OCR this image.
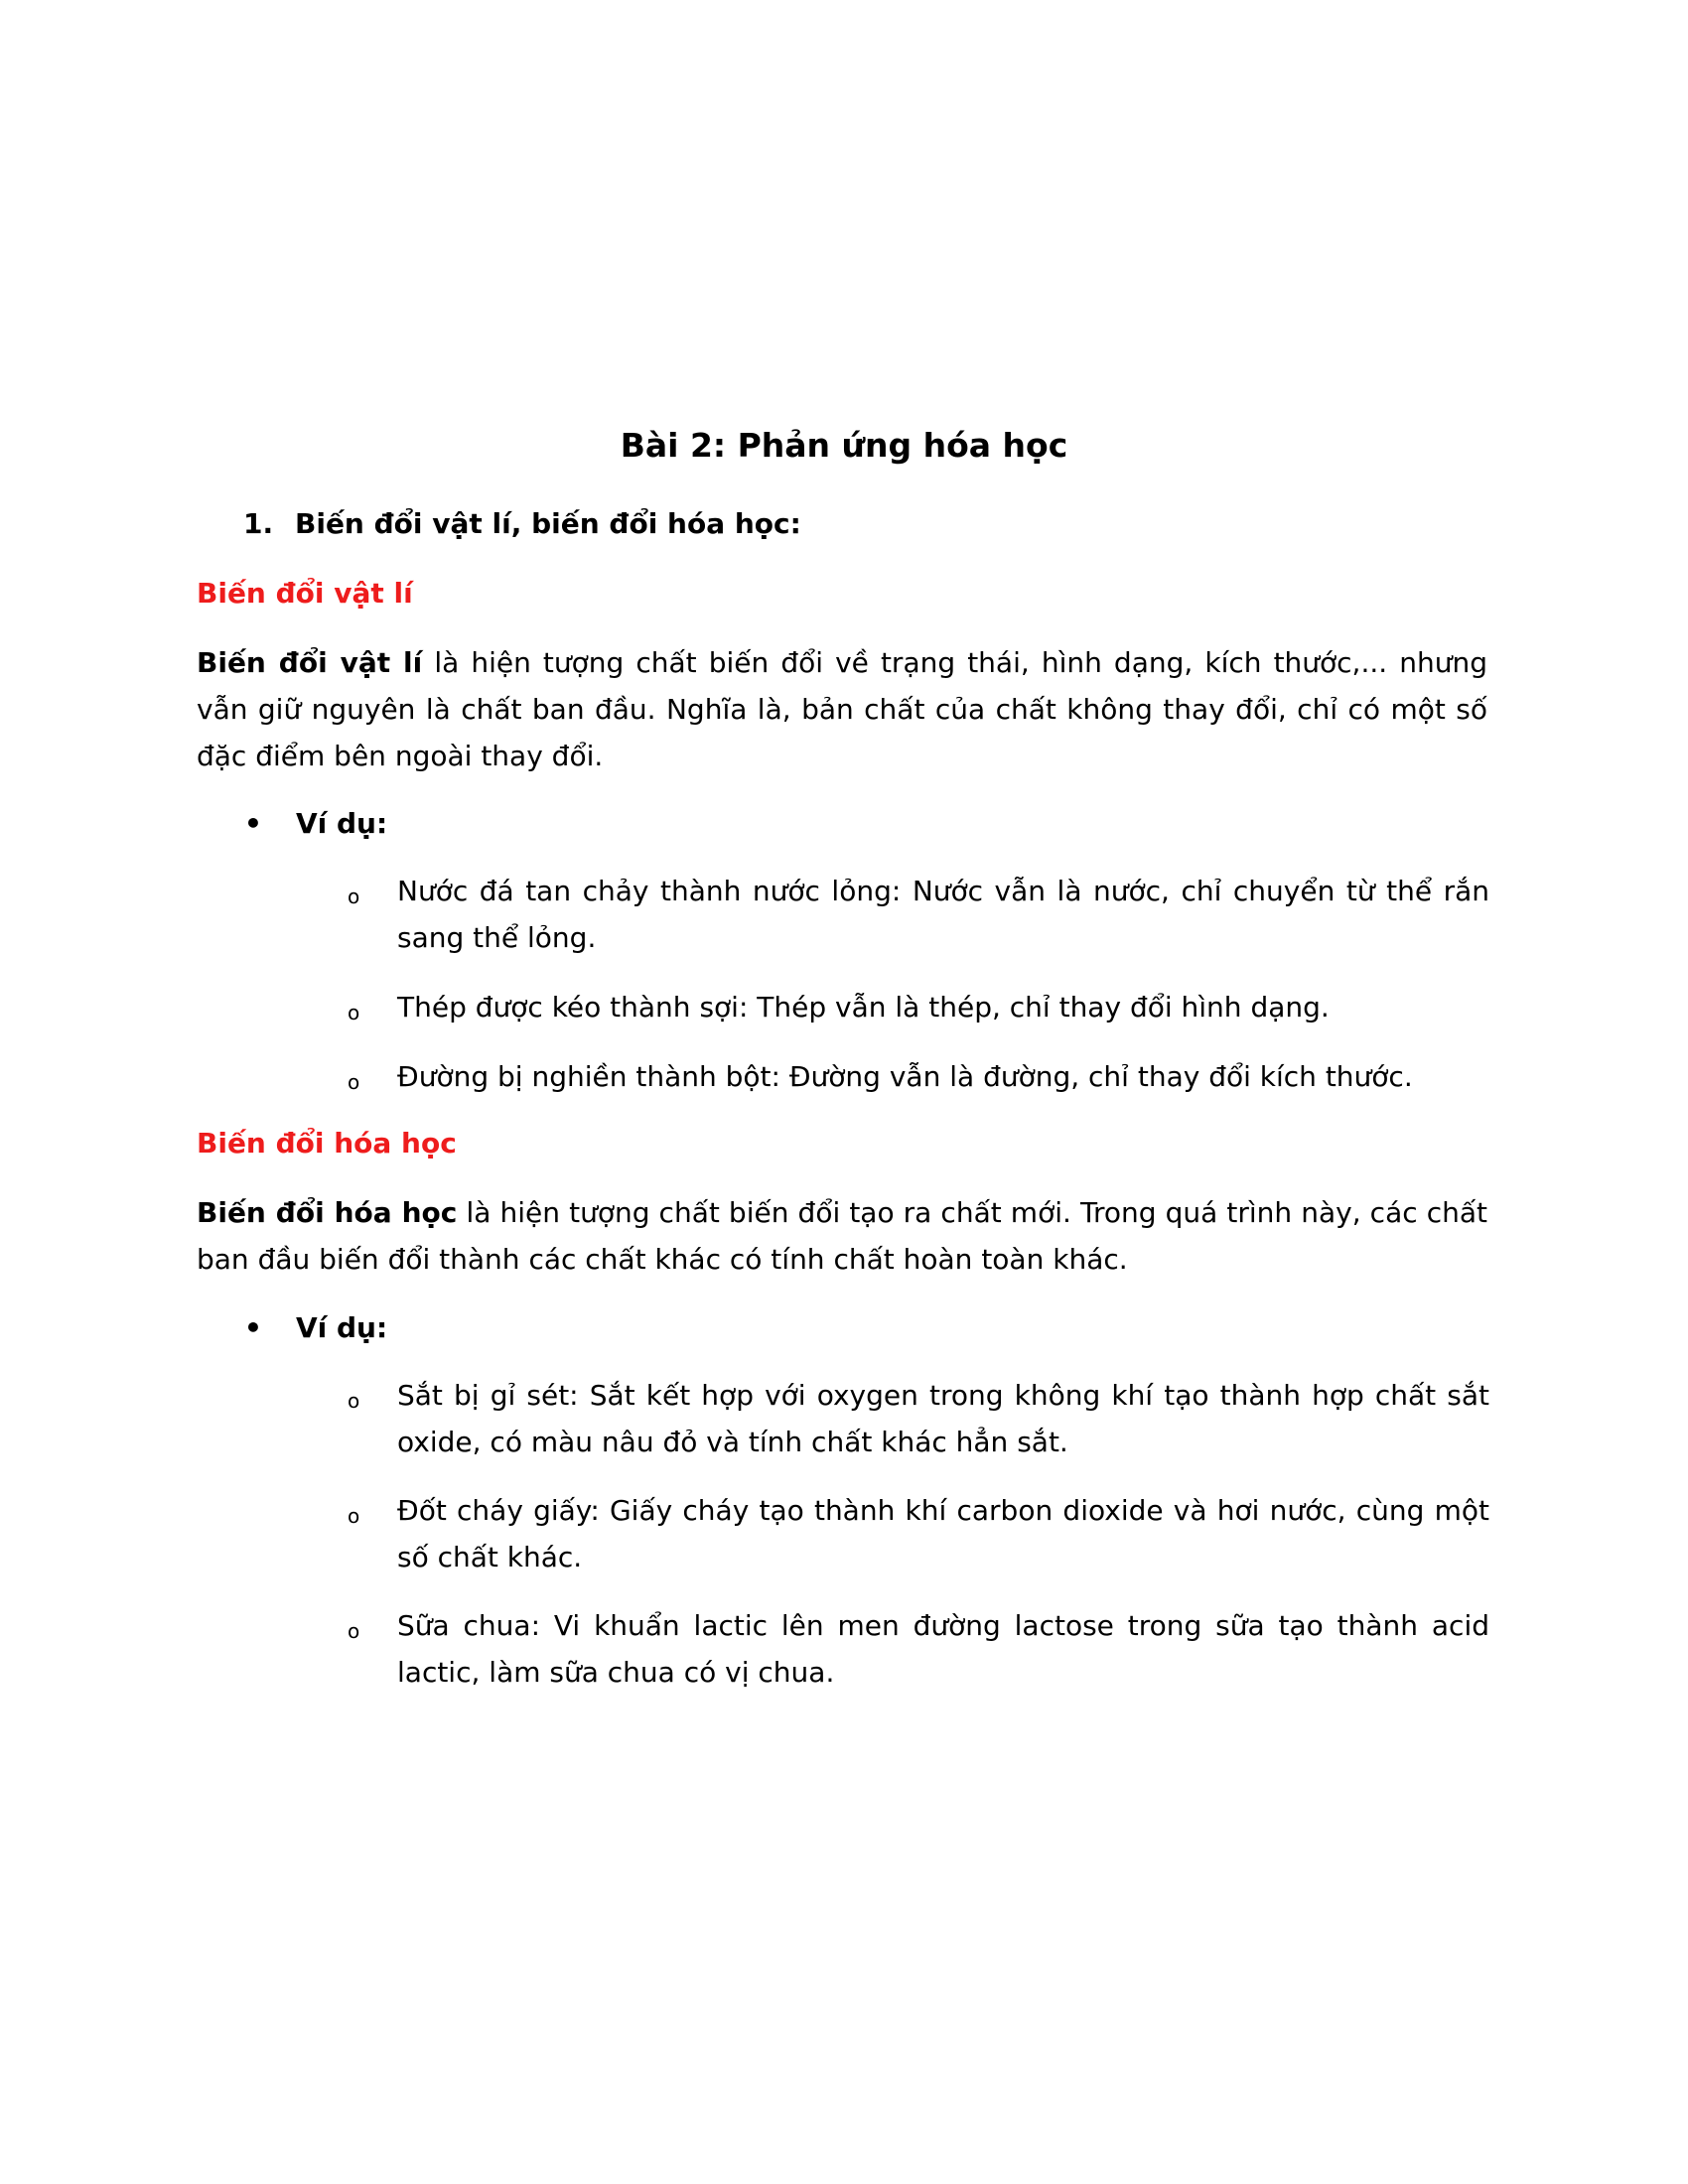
Bài 2: Phản ứng hóa học
1. Biến đổi vật lí, biến đổi hóa học:
Biến đổi vật lí

Biến đổi vật lí là hiện tượng chất biến đổi về trạng thái, hình dạng, kích thước,... nhưng vẫn giữ nguyên là chất ban đầu. Nghĩa là, bản chất của chất không thay đổi, chỉ có một số đặc điểm bên ngoài thay đổi.

• Ví dụ:
o Nước đá tan chảy thành nước lỏng: Nước vẫn là nước, chỉ chuyển từ thể rắn sang thể lỏng.
o Thép được kéo thành sợi: Thép vẫn là thép, chỉ thay đổi hình dạng.
o Đường bị nghiền thành bột: Đường vẫn là đường, chỉ thay đổi kích thước.
Biến đổi hóa học

Biến đổi hóa học là hiện tượng chất biến đổi tạo ra chất mới. Trong quá trình này, các chất ban đầu biến đổi thành các chất khác có tính chất hoàn toàn khác.

• Ví dụ:
o Sắt bị gỉ sét: Sắt kết hợp với oxygen trong không khí tạo thành hợp chất sắt oxide, có màu nâu đỏ và tính chất khác hẳn sắt.
o Đốt cháy giấy: Giấy cháy tạo thành khí carbon dioxide và hơi nước, cùng một số chất khác.
o Sữa chua: Vi khuẩn lactic lên men đường lactose trong sữa tạo thành acid lactic, làm sữa chua có vị chua.
